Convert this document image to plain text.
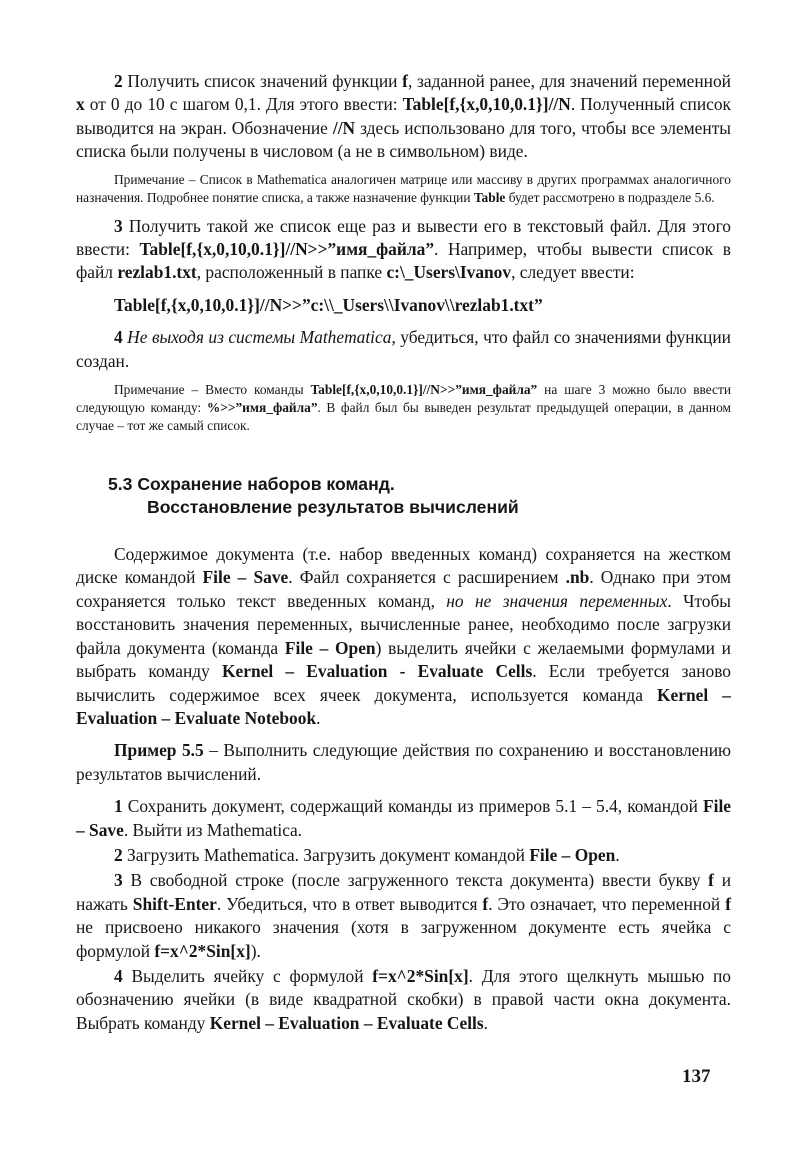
2 Получить список значений функции f, заданной ранее, для значений переменной x от 0 до 10 с шагом 0,1. Для этого ввести: Table[f,{x,0,10,0.1}]//N. Полученный список выводится на экран. Обозначение //N здесь использовано для того, чтобы все элементы списка были получены в числовом (а не в символьном) виде.

Примечание – Список в Mathematica аналогичен матрице или массиву в других программах аналогичного назначения. Подробнее понятие списка, а также назначение функции Table будет рассмотрено в подразделе 5.6.

3 Получить такой же список еще раз и вывести его в текстовый файл. Для этого ввести: Table[f,{x,0,10,0.1}]//N>>”имя_файла”. Например, чтобы вывести список в файл rezlab1.txt, расположенный в папке c:\_Users\Ivanov, следует ввести:

Table[f,{x,0,10,0.1}]//N>>”c:\\_Users\\Ivanov\\rezlab1.txt”

4 Не выходя из системы Mathematica, убедиться, что файл со значениями функции создан.

Примечание – Вместо команды Table[f,{x,0,10,0.1}]//N>>”имя_файла” на шаге 3 можно было ввести следующую команду: %>>”имя_файла”. В файл был бы выведен результат предыдущей операции, в данном случае – тот же самый список.

5.3 Сохранение наборов команд.
Восстановление результатов вычислений

Содержимое документа (т.е. набор введенных команд) сохраняется на жестком диске командой File – Save. Файл сохраняется с расширением .nb. Однако при этом сохраняется только текст введенных команд, но не значения переменных. Чтобы восстановить значения переменных, вычисленные ранее, необходимо после загрузки файла документа (команда File – Open) выделить ячейки с желаемыми формулами и выбрать команду Kernel – Evaluation - Evaluate Cells. Если требуется заново вычислить содержимое всех ячеек документа, используется команда Kernel – Evaluation – Evaluate Notebook.

Пример 5.5 – Выполнить следующие действия по сохранению и восстановлению результатов вычислений.

1 Сохранить документ, содержащий команды из примеров 5.1 – 5.4, командой File – Save. Выйти из Mathematica.

2 Загрузить Mathematica. Загрузить документ командой File – Open.

3 В свободной строке (после загруженного текста документа) ввести букву f и нажать Shift-Enter. Убедиться, что в ответ выводится f. Это означает, что переменной f не присвоено никакого значения (хотя в загруженном документе есть ячейка с формулой f=x^2*Sin[x]).

4 Выделить ячейку с формулой f=x^2*Sin[x]. Для этого щелкнуть мышью по обозначению ячейки (в виде квадратной скобки) в правой части окна документа. Выбрать команду Kernel – Evaluation – Evaluate Cells.

137
